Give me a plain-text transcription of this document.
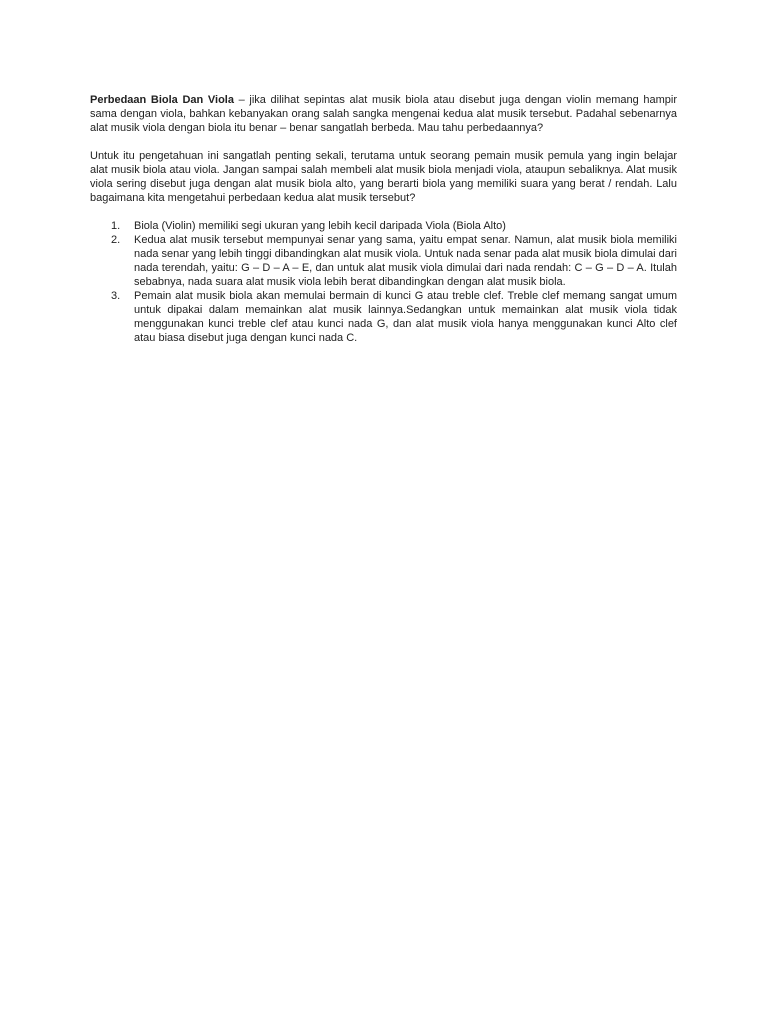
Perbedaan Biola Dan Viola – jika dilihat sepintas alat musik biola atau disebut juga dengan violin memang hampir sama dengan viola, bahkan kebanyakan orang salah sangka mengenai kedua alat musik tersebut. Padahal sebenarnya alat musik viola dengan biola itu benar – benar sangatlah berbeda. Mau tahu perbedaannya?

Untuk itu pengetahuan ini sangatlah penting sekali, terutama untuk seorang pemain musik pemula yang ingin belajar alat musik biola atau viola. Jangan sampai salah membeli alat musik biola menjadi viola, ataupun sebaliknya. Alat musik viola sering disebut juga dengan alat musik biola alto, yang berarti biola yang memiliki suara yang berat / rendah. Lalu bagaimana kita mengetahui perbedaan kedua alat musik tersebut?

1. Biola (Violin) memiliki segi ukuran yang lebih kecil daripada Viola (Biola Alto)
2. Kedua alat musik tersebut mempunyai senar yang sama, yaitu empat senar. Namun, alat musik biola memiliki nada senar yang lebih tinggi dibandingkan alat musik viola. Untuk nada senar pada alat musik biola dimulai dari nada terendah, yaitu: G – D – A – E, dan untuk alat musik viola dimulai dari nada rendah: C – G – D – A. Itulah sebabnya, nada suara alat musik viola lebih berat dibandingkan dengan alat musik biola.
3. Pemain alat musik biola akan memulai bermain di kunci G atau treble clef. Treble clef memang sangat umum untuk dipakai dalam memainkan alat musik lainnya.Sedangkan untuk memainkan alat musik viola tidak menggunakan kunci treble clef atau kunci nada G, dan alat musik viola hanya menggunakan kunci Alto clef atau biasa disebut juga dengan kunci nada C.
